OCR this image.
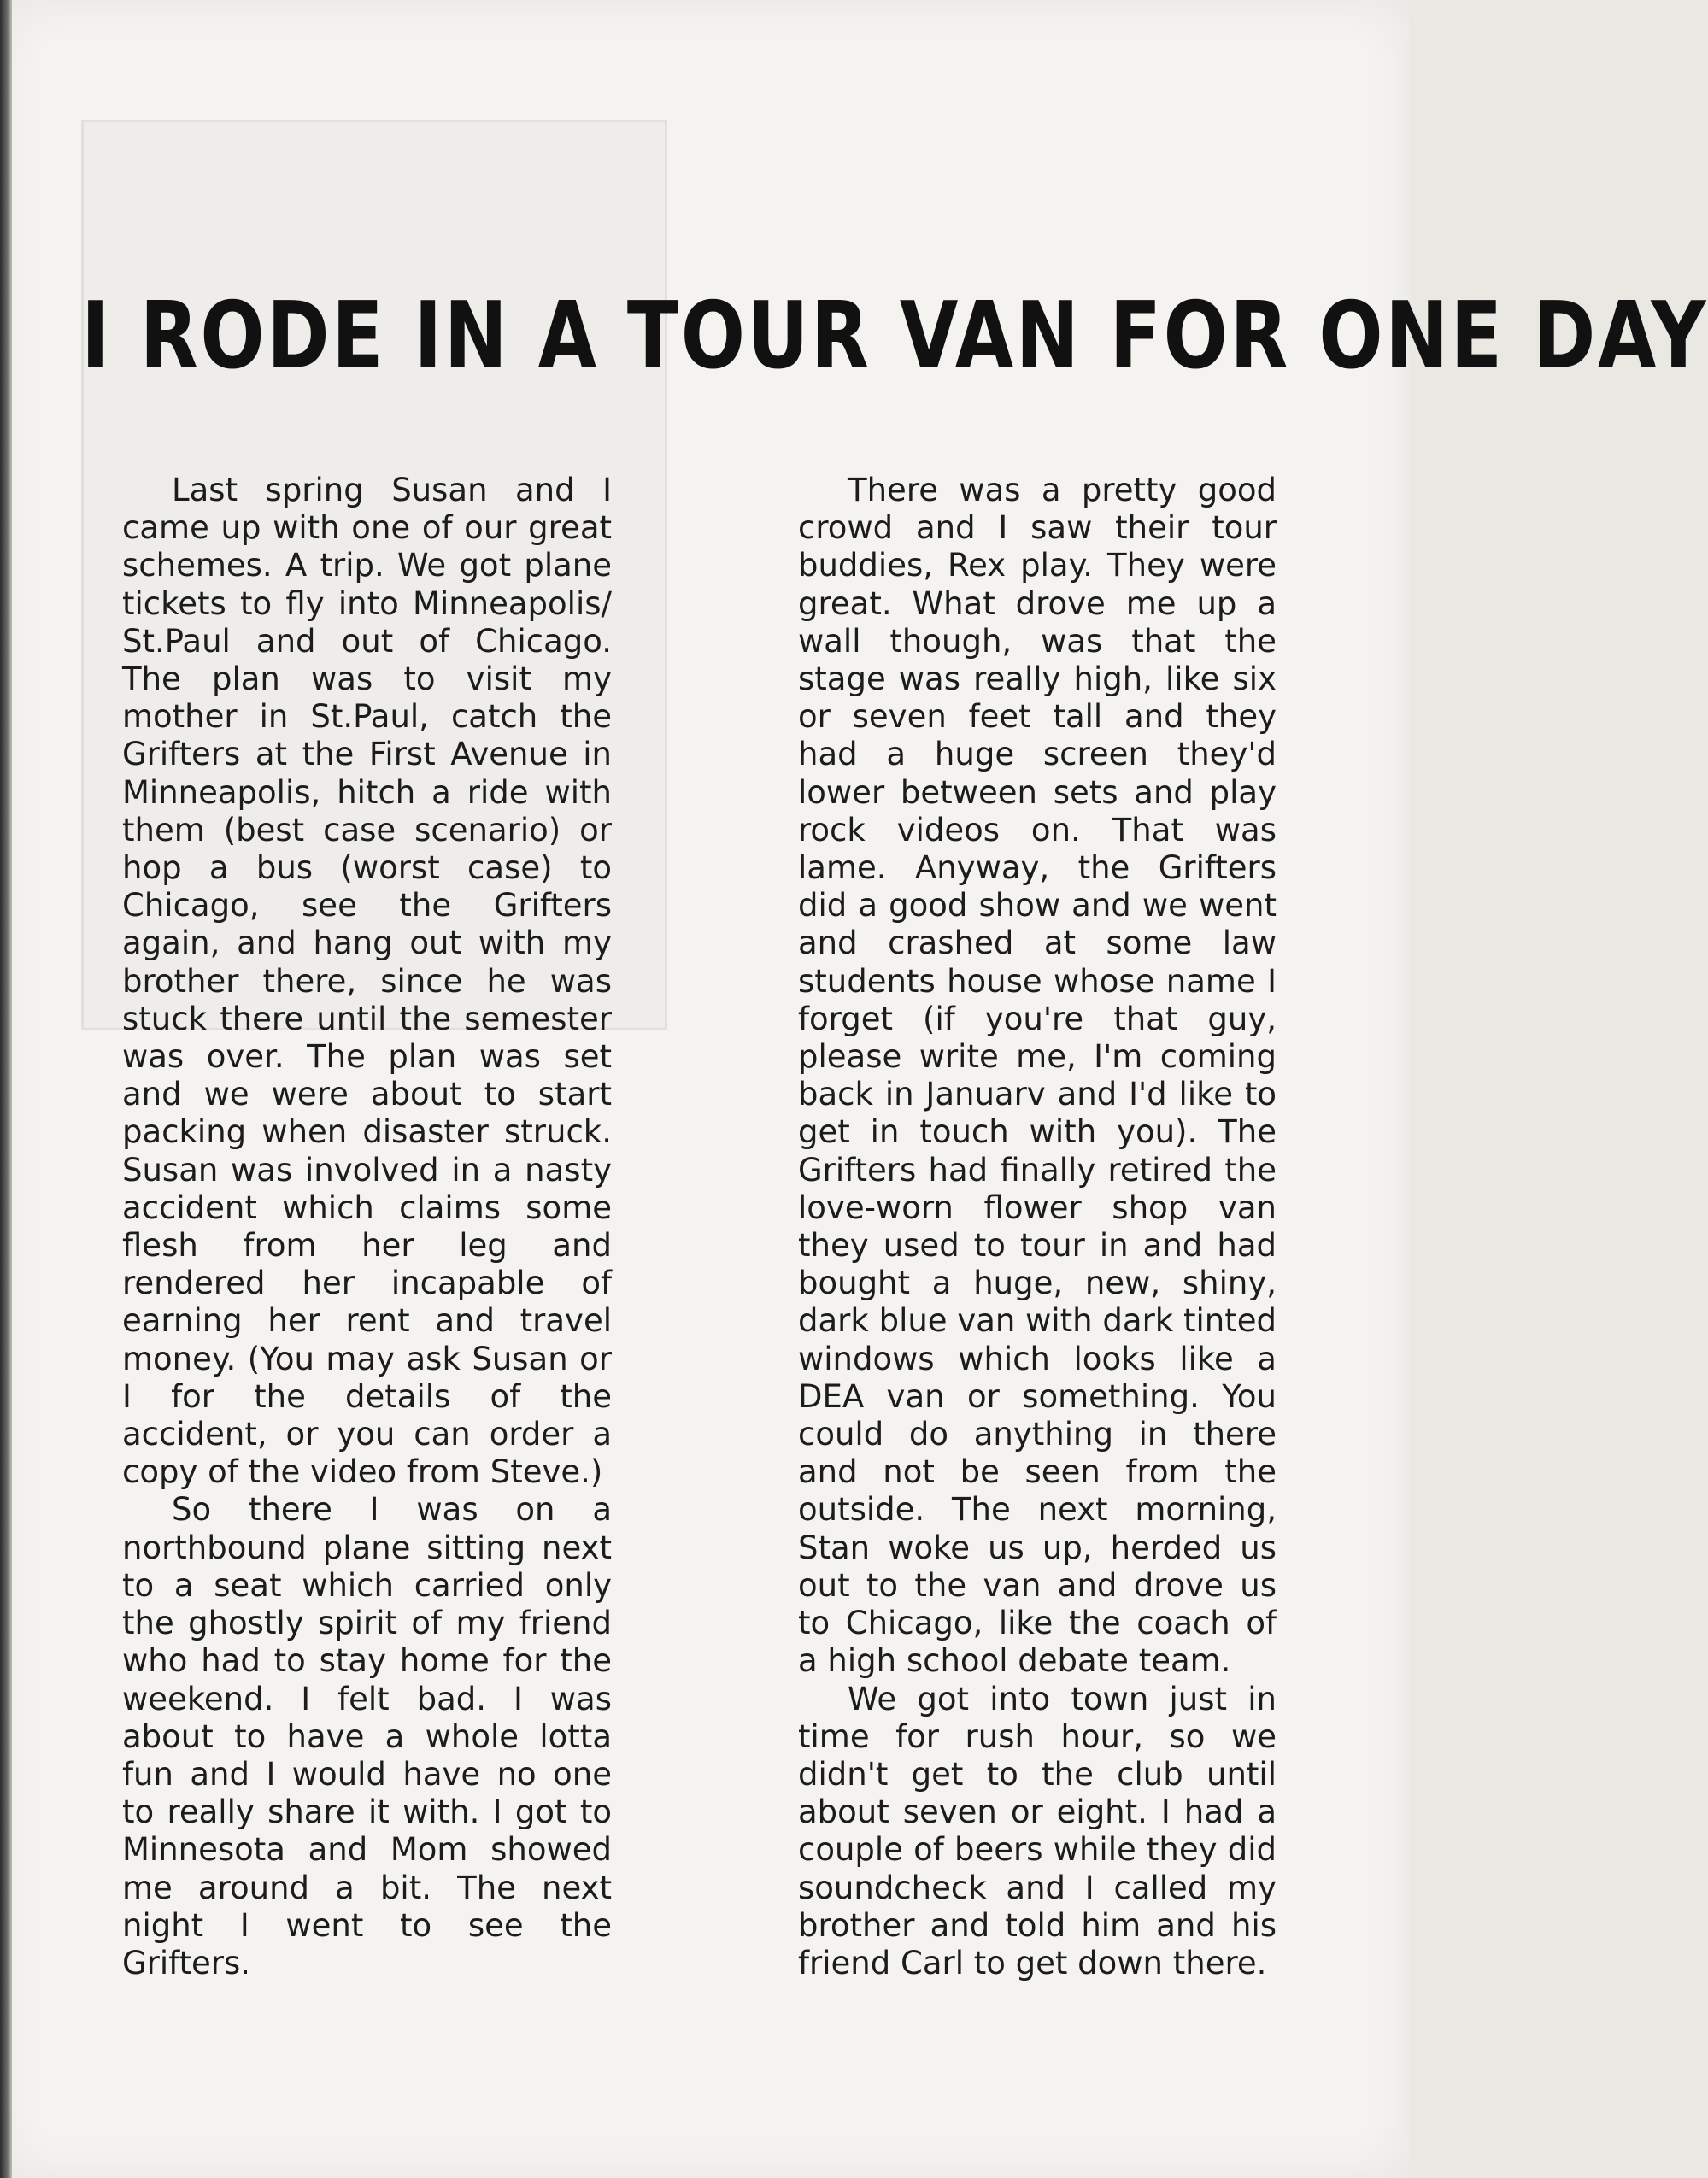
I RODE IN A TOUR VAN FOR ONE DAY

Last spring Susan and I came up with one of our great schemes. A trip. We got plane tickets to fly into Minneapolis/ St.Paul and out of Chicago. The plan was to visit my mother in St.Paul, catch the Grifters at the First Avenue in Minneapolis, hitch a ride with them (best case scenario) or hop a bus (worst case) to Chicago, see the Grifters again, and hang out with my brother there, since he was stuck there until the semester was over. The plan was set and we were about to start packing when disaster struck. Susan was involved in a nasty accident which claims some flesh from her leg and rendered her incapable of earning her rent and travel money. (You may ask Susan or I for the details of the accident, or you can order a copy of the video from Steve.)

So there I was on a northbound plane sitting next to a seat which carried only the ghostly spirit of my friend who had to stay home for the weekend. I felt bad. I was about to have a whole lotta fun and I would have no one to really share it with. I got to Minnesota and Mom showed me around a bit. The next night I went to see the Grifters.

There was a pretty good crowd and I saw their tour buddies, Rex play. They were great. What drove me up a wall though, was that the stage was really high, like six or seven feet tall and they had a huge screen they'd lower between sets and play rock videos on. That was lame. Anyway, the Grifters did a good show and we went and crashed at some law students house whose name I forget (if you're that guy, please write me, I'm coming back in Januarv and I'd like to get in touch with you). The Grifters had finally retired the love-worn flower shop van they used to tour in and had bought a huge, new, shiny, dark blue van with dark tinted windows which looks like a DEA van or something. You could do anything in there and not be seen from the outside. The next morning, Stan woke us up, herded us out to the van and drove us to Chicago, like the coach of a high school debate team.

We got into town just in time for rush hour, so we didn't get to the club until about seven or eight. I had a couple of beers while they did soundcheck and I called my brother and told him and his friend Carl to get down there.
